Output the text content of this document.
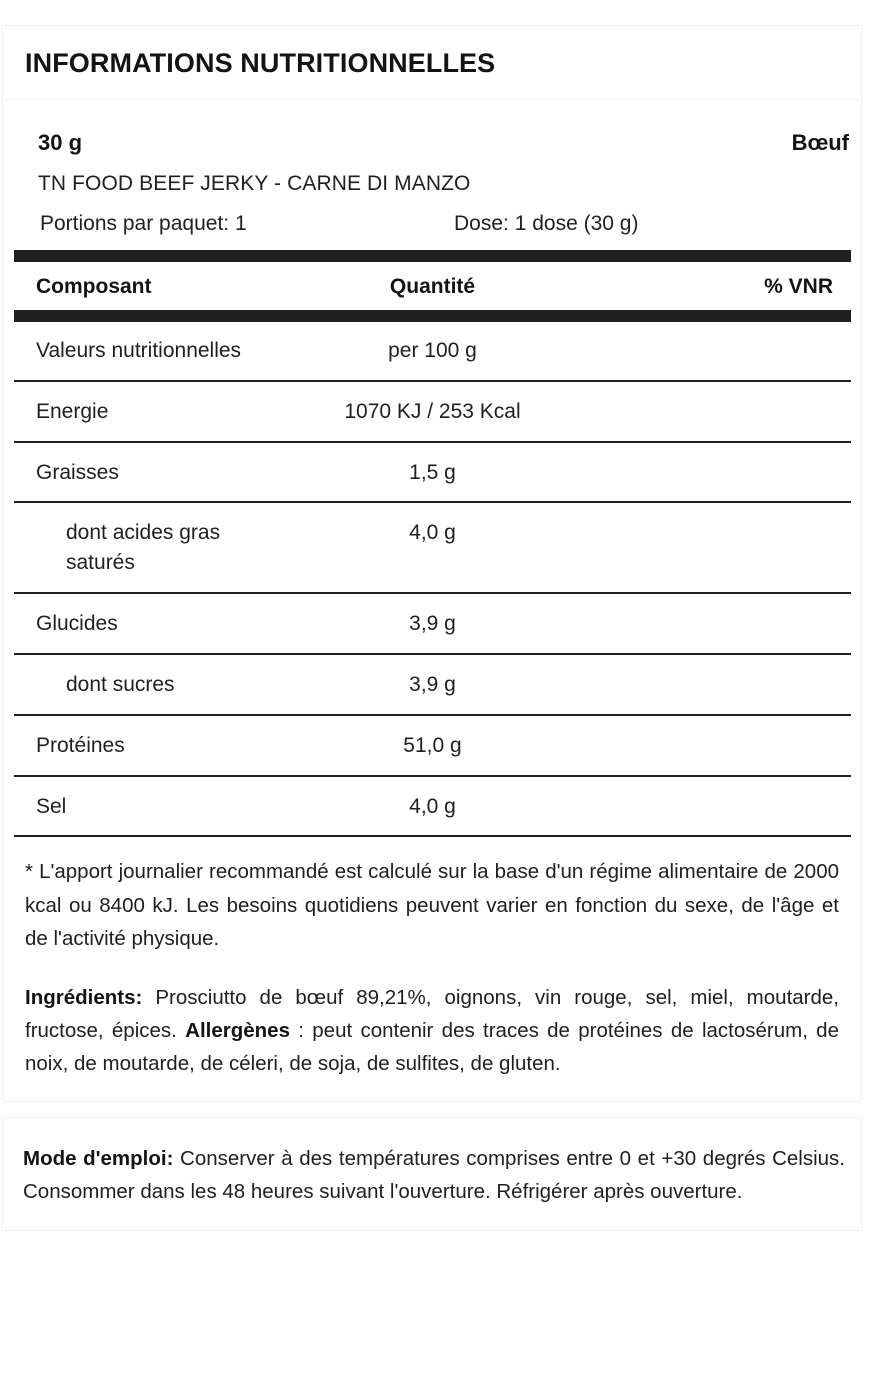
INFORMATIONS NUTRITIONNELLES
30 g	Bœuf
TN FOOD BEEF JERKY - CARNE DI MANZO
Portions par paquet: 1	Dose: 1 dose (30 g)

Composant	Quantité	% VNR

Valeurs nutritionnelles	per 100 g	
Energie	1070 KJ / 253 Kcal	
Graisses	1,5 g	
dont acides gras saturés	4,0 g	
Glucides	3,9 g	
dont sucres	3,9 g	
Protéines	51,0 g	
Sel	4,0 g	

* L'apport journalier recommandé est calculé sur la base d'un régime alimentaire de 2000 kcal ou 8400 kJ. Les besoins quotidiens peuvent varier en fonction du sexe, de l'âge et de l'activité physique.

Ingrédients: Prosciutto de bœuf 89,21%, oignons, vin rouge, sel, miel, moutarde, fructose, épices. Allergènes : peut contenir des traces de protéines de lactosérum, de noix, de moutarde, de céleri, de soja, de sulfites, de gluten.

Mode d'emploi: Conserver à des températures comprises entre 0 et +30 degrés Celsius. Consommer dans les 48 heures suivant l'ouverture. Réfrigérer après ouverture.
